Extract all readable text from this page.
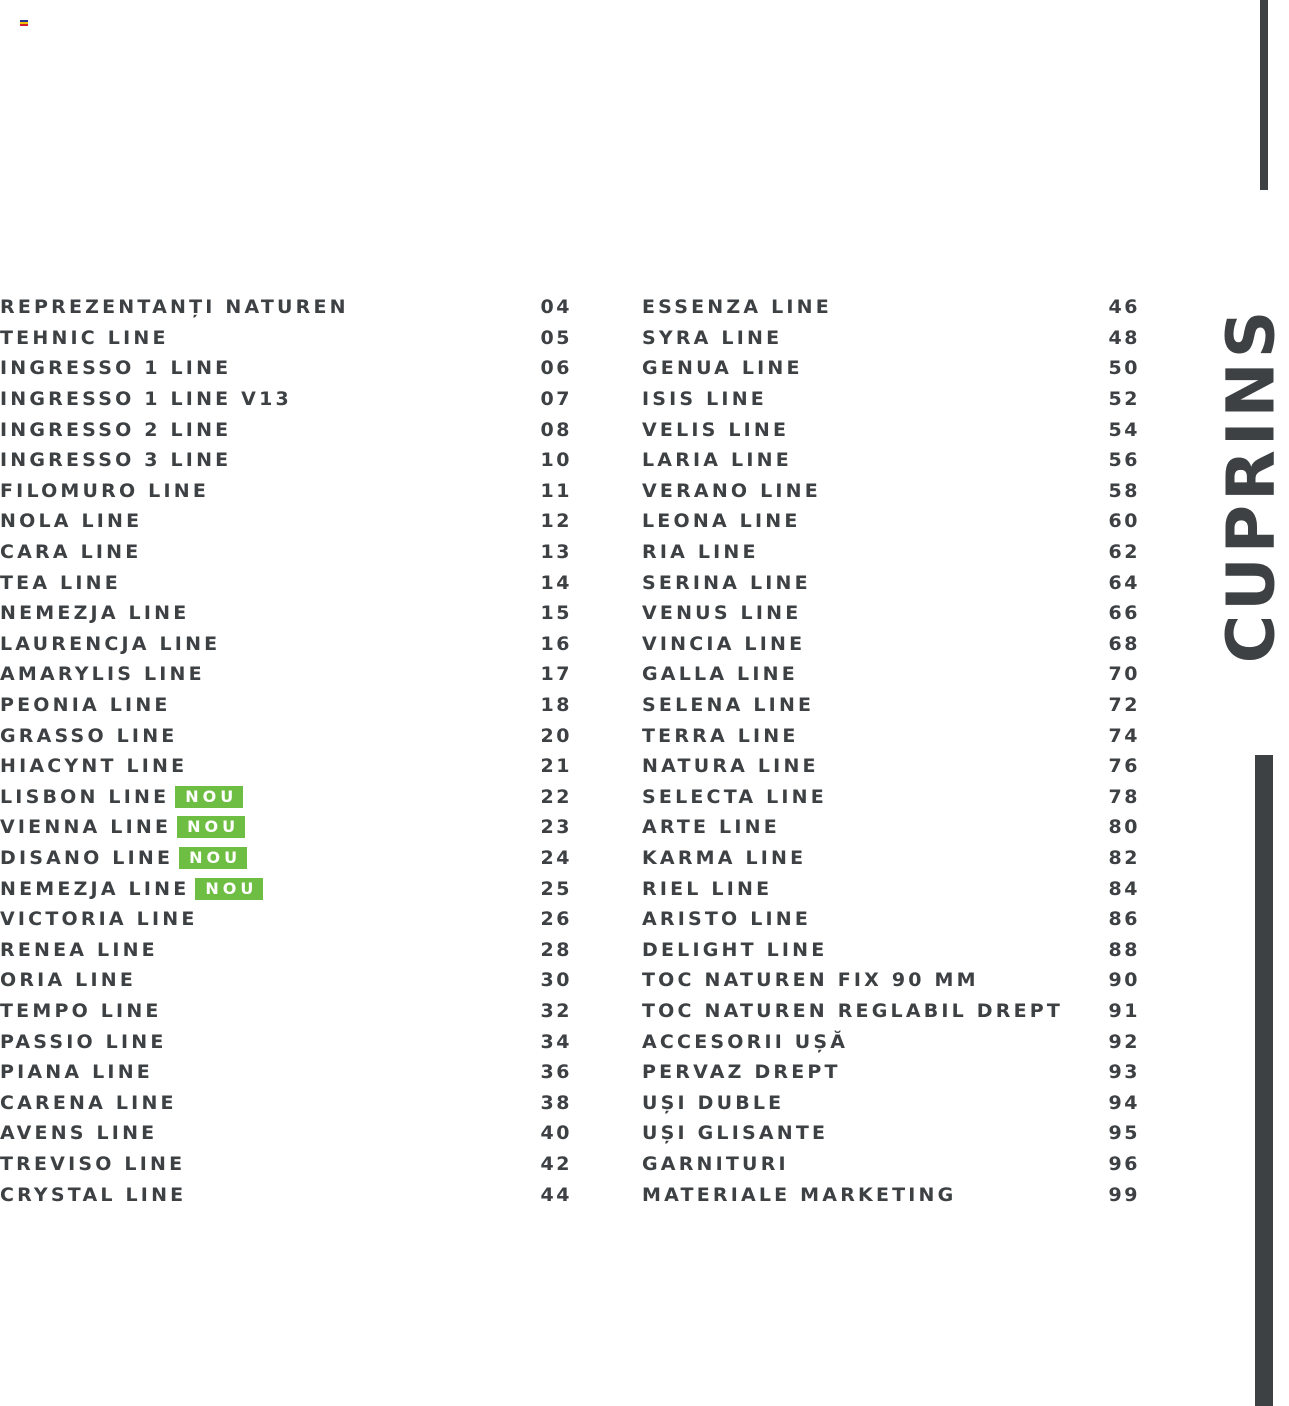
CUPRINS
REPREZENTANȚI NATUREN	04
TEHNIC LINE	05
INGRESSO 1 LINE	06
INGRESSO 1 LINE V13	07
INGRESSO 2 LINE	08
INGRESSO 3 LINE	10
FILOMURO LINE	11
NOLA LINE	12
CARA LINE	13
TEA LINE	14
NEMEZJA LINE	15
LAURENCJA LINE	16
AMARYLIS LINE	17
PEONIA LINE	18
GRASSO LINE	20
HIACYNT LINE	21
LISBON LINE	NOU	22
VIENNA LINE	NOU	23
DISANO LINE	NOU	24
NEMEZJA LINE	NOU	25
VICTORIA LINE	26
RENEA LINE	28
ORIA LINE	30
TEMPO LINE	32
PASSIO LINE	34
PIANA LINE	36
CARENA LINE	38
AVENS LINE	40
TREVISO LINE	42
CRYSTAL LINE	44
ESSENZA LINE	46
SYRA LINE	48
GENUA LINE	50
ISIS LINE	52
VELIS LINE	54
LARIA LINE	56
VERANO LINE	58
LEONA LINE	60
RIA LINE	62
SERINA LINE	64
VENUS LINE	66
VINCIA LINE	68
GALLA LINE	70
SELENA LINE	72
TERRA LINE	74
NATURA LINE	76
SELECTA LINE	78
ARTE LINE	80
KARMA LINE	82
RIEL LINE	84
ARISTO LINE	86
DELIGHT LINE	88
TOC NATUREN FIX 90 MM	90
TOC NATUREN REGLABIL DREPT 91
ACCESORII UȘĂ	92
PERVAZ DREPT	93
UȘI DUBLE	94
UȘI GLISANTE	95
GARNITURI	96
MATERIALE MARKETING	99
